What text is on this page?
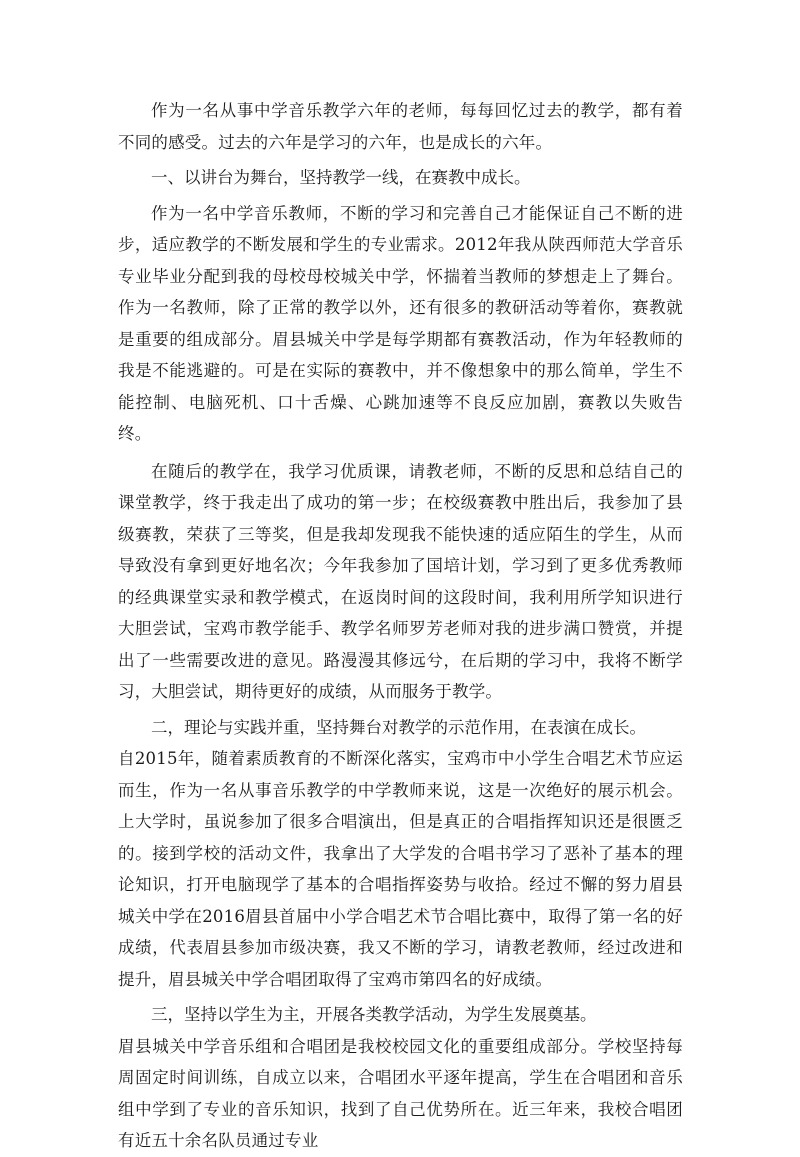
作为一名从事中学音乐教学六年的老师，每每回忆过去的教学，都有着不同的感受。过去的六年是学习的六年，也是成长的六年。

一、以讲台为舞台，坚持教学一线，在赛教中成长。

作为一名中学音乐教师，不断的学习和完善自己才能保证自己不断的进步，适应教学的不断发展和学生的专业需求。2012年我从陕西师范大学音乐专业毕业分配到我的母校母校城关中学，怀揣着当教师的梦想走上了舞台。作为一名教师，除了正常的教学以外，还有很多的教研活动等着你，赛教就是重要的组成部分。眉县城关中学是每学期都有赛教活动，作为年轻教师的我是不能逃避的。可是在实际的赛教中，并不像想象中的那么简单，学生不能控制、电脑死机、口十舌燥、心跳加速等不良反应加剧，赛教以失败告终。

在随后的教学在，我学习优质课，请教老师，不断的反思和总结自己的课堂教学，终于我走出了成功的第一步；在校级赛教中胜出后，我参加了县级赛教，荣获了三等奖，但是我却发现我不能快速的适应陌生的学生，从而导致没有拿到更好地名次；今年我参加了国培计划，学习到了更多优秀教师的经典课堂实录和教学模式，在返岗时间的这段时间，我利用所学知识进行大胆尝试，宝鸡市教学能手、教学名师罗芳老师对我的进步满口赞赏，并提出了一些需要改进的意见。路漫漫其修远兮，在后期的学习中，我将不断学习，大胆尝试，期待更好的成绩，从而服务于教学。

二，理论与实践并重，坚持舞台对教学的示范作用，在表演在成长。

自2015年，随着素质教育的不断深化落实，宝鸡市中小学生合唱艺术节应运而生，作为一名从事音乐教学的中学教师来说，这是一次绝好的展示机会。上大学时，虽说参加了很多合唱演出，但是真正的合唱指挥知识还是很匮乏的。接到学校的活动文件，我拿出了大学发的合唱书学习了恶补了基本的理论知识，打开电脑现学了基本的合唱指挥姿势与收拾。经过不懈的努力眉县城关中学在2016眉县首届中小学合唱艺术节合唱比赛中，取得了第一名的好成绩，代表眉县参加市级决赛，我又不断的学习，请教老教师，经过改进和提升，眉县城关中学合唱团取得了宝鸡市第四名的好成绩。

三，坚持以学生为主，开展各类教学活动，为学生发展奠基。

眉县城关中学音乐组和合唱团是我校校园文化的重要组成部分。学校坚持每周固定时间训练，自成立以来，合唱团水平逐年提高，学生在合唱团和音乐组中学到了专业的音乐知识，找到了自己优势所在。近三年来，我校合唱团有近五十余名队员通过专业
